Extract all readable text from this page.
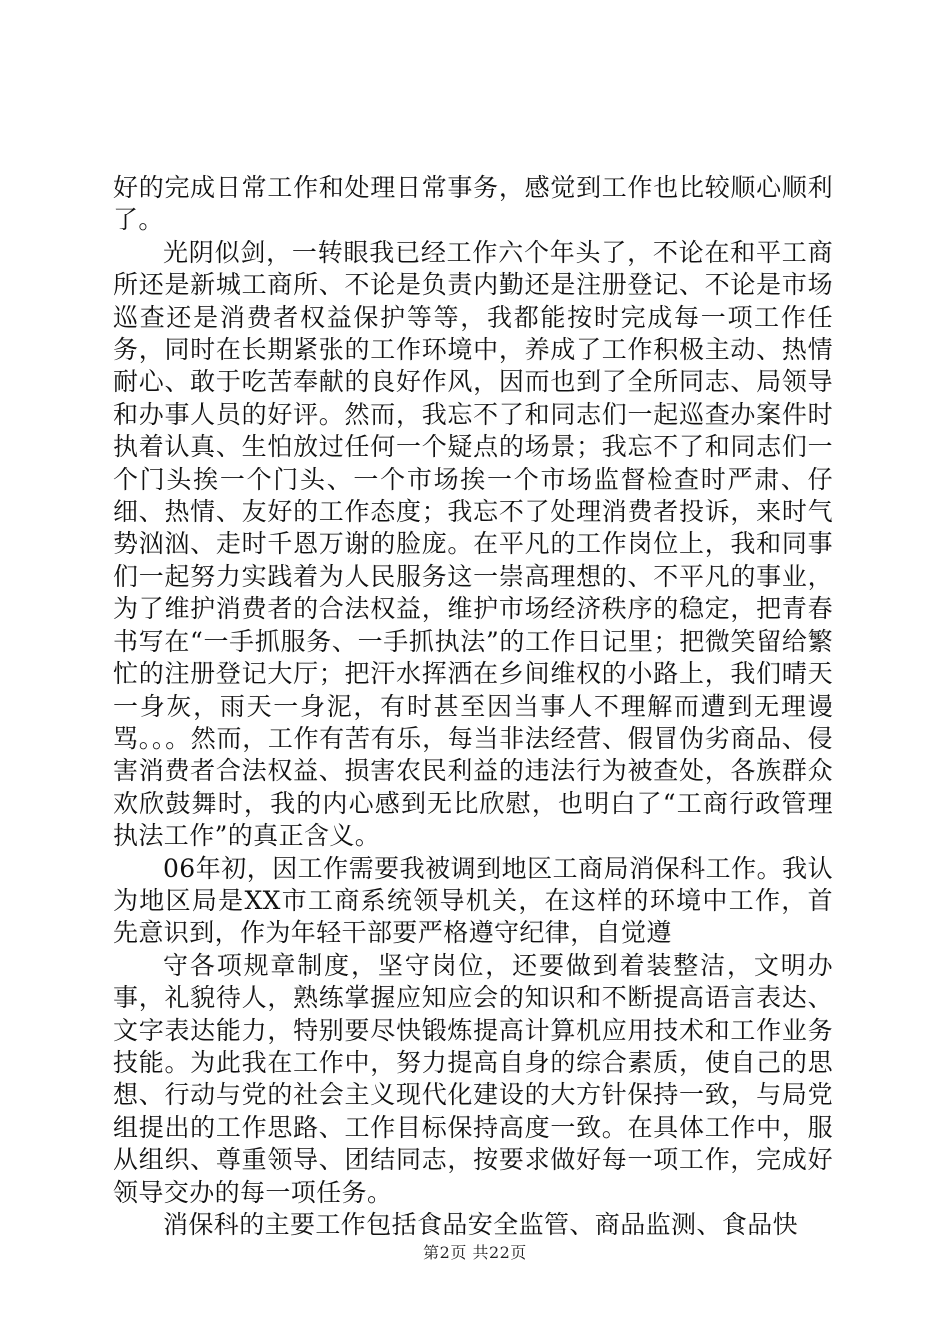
好的完成日常工作和处理日常事务，感觉到工作也比较顺心顺利了。

光阴似剑，一转眼我已经工作六个年头了，不论在和平工商所还是新城工商所、不论是负责内勤还是注册登记、不论是市场巡查还是消费者权益保护等等，我都能按时完成每一项工作任务，同时在长期紧张的工作环境中，养成了工作积极主动、热情耐心、敢于吃苦奉献的良好作风，因而也到了全所同志、局领导和办事人员的好评。然而，我忘不了和同志们一起巡查办案件时执着认真、生怕放过任何一个疑点的场景；我忘不了和同志们一个门头挨一个门头、一个市场挨一个市场监督检查时严肃、仔细、热情、友好的工作态度；我忘不了处理消费者投诉，来时气势汹汹、走时千恩万谢的脸庞。在平凡的工作岗位上，我和同事们一起努力实践着为人民服务这一崇高理想的、不平凡的事业，为了维护消费者的合法权益，维护市场经济秩序的稳定，把青春书写在“一手抓服务、一手抓执法”的工作日记里；把微笑留给繁忙的注册登记大厅；把汗水挥洒在乡间维权的小路上，我们晴天一身灰，雨天一身泥，有时甚至因当事人不理解而遭到无理谩骂。。。然而，工作有苦有乐，每当非法经营、假冒伪劣商品、侵害消费者合法权益、损害农民利益的违法行为被查处，各族群众欢欣鼓舞时，我的内心感到无比欣慰，也明白了“工商行政管理执法工作”的真正含义。

06年初，因工作需要我被调到地区工商局消保科工作。我认为地区局是XX市工商系统领导机关，在这样的环境中工作，首先意识到，作为年轻干部要严格遵守纪律，自觉遵

守各项规章制度，坚守岗位，还要做到着装整洁，文明办事，礼貌待人，熟练掌握应知应会的知识和不断提高语言表达、文字表达能力，特别要尽快锻炼提高计算机应用技术和工作业务技能。为此我在工作中，努力提高自身的综合素质，使自己的思想、行动与党的社会主义现代化建设的大方针保持一致，与局党组提出的工作思路、工作目标保持高度一致。在具体工作中，服从组织、尊重领导、团结同志，按要求做好每一项工作，完成好领导交办的每一项任务。

消保科的主要工作包括食品安全监管、商品监测、食品快

第2页 共22页
